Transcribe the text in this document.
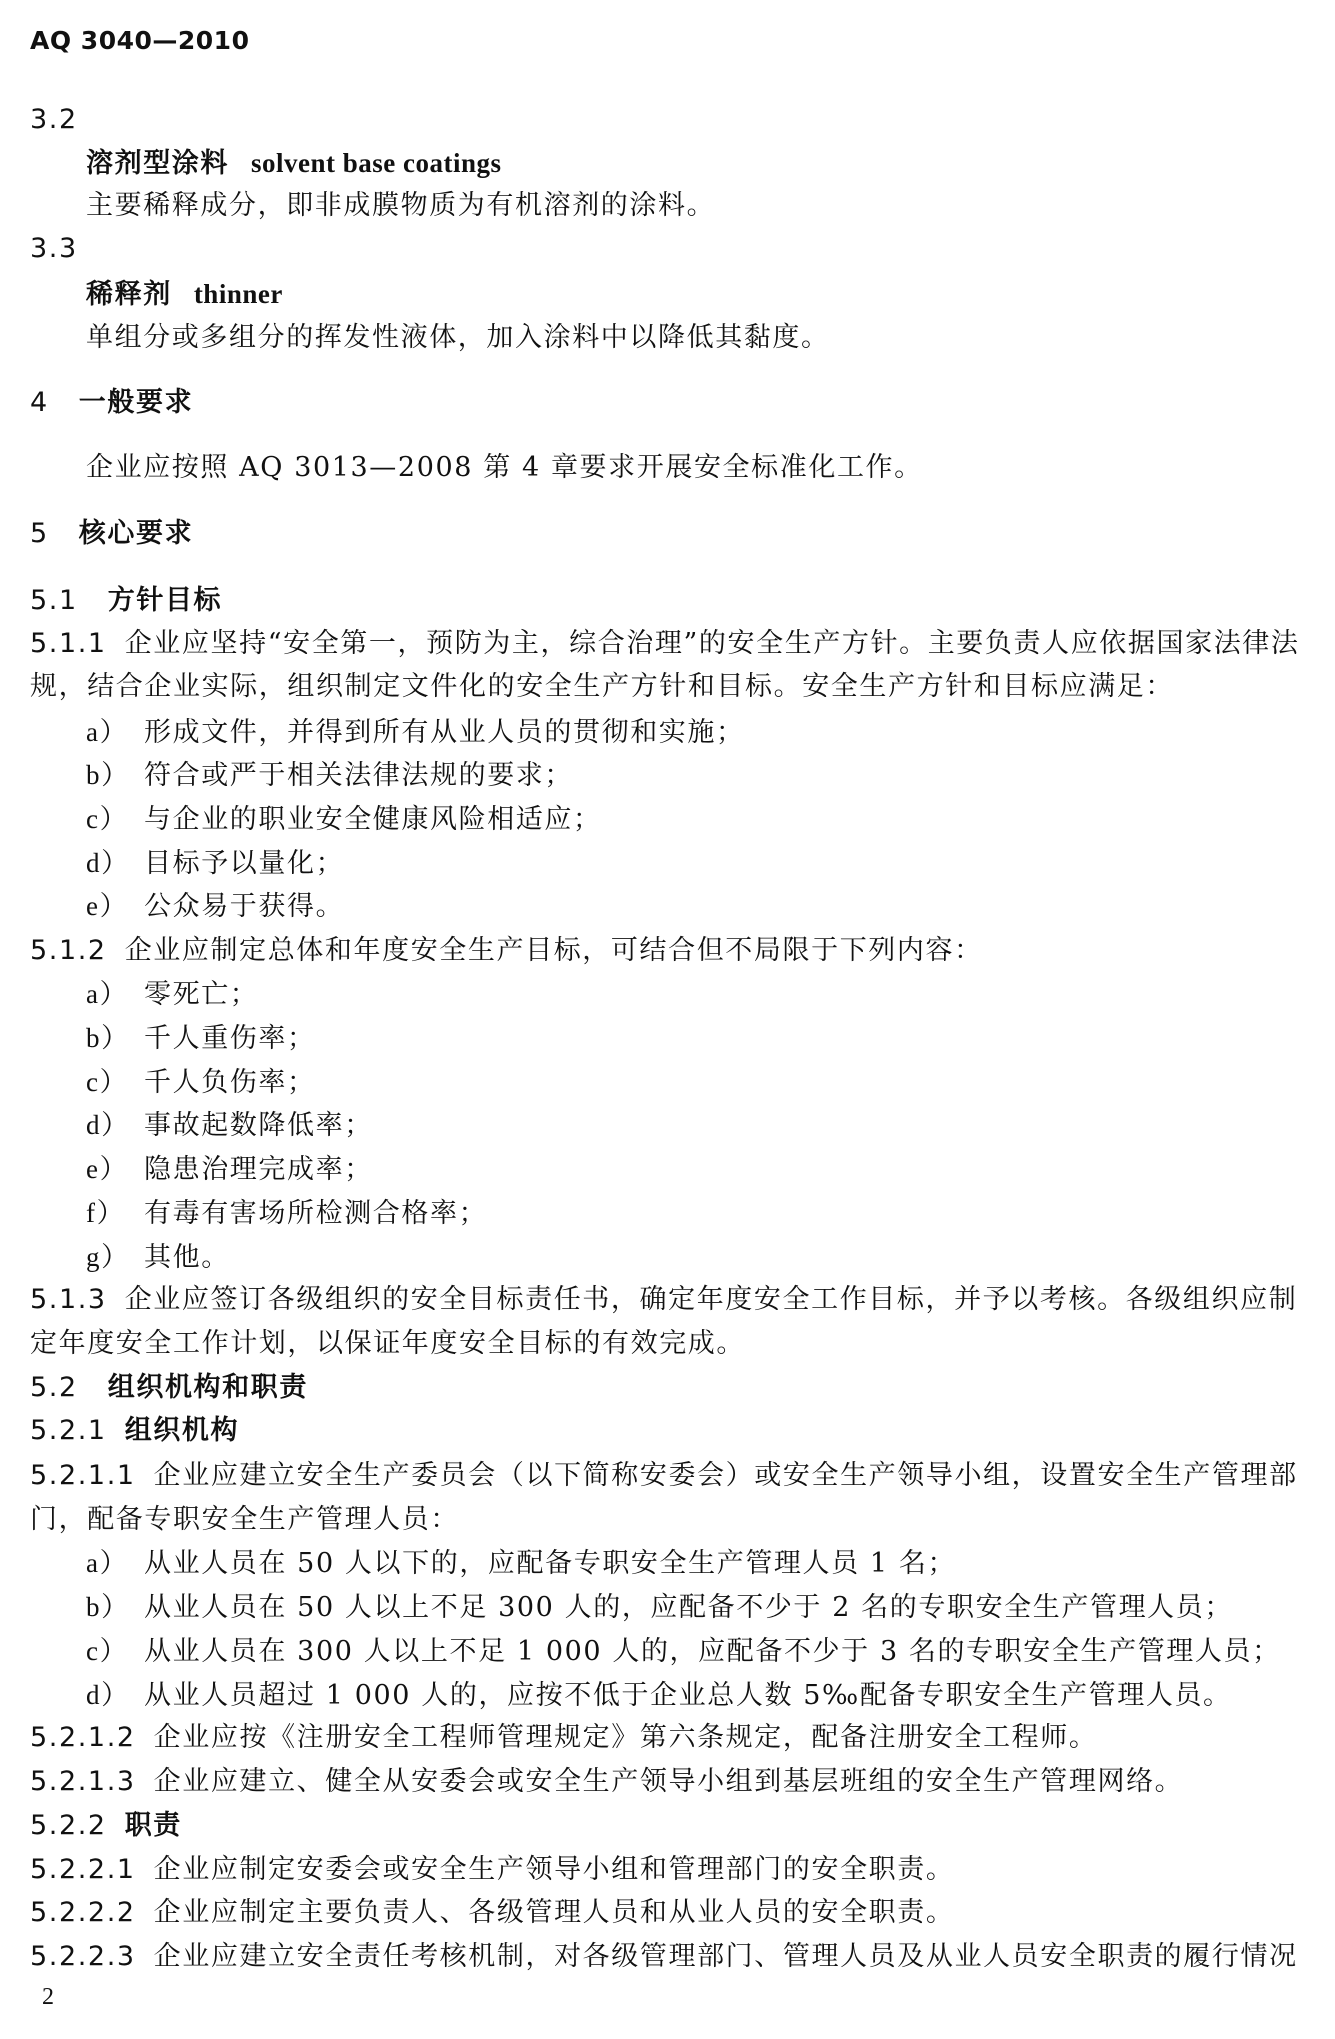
AQ 3040—2010
3.2
溶剂型涂料 solvent base coatings
主要稀释成分，即非成膜物质为有机溶剂的涂料。
3.3
稀释剂 thinner
单组分或多组分的挥发性液体，加入涂料中以降低其黏度。
4 一般要求
企业应按照 AQ 3013—2008 第 4 章要求开展安全标准化工作。
5 核心要求
5.1 方针目标
5.1.1 企业应坚持“安全第一，预防为主，综合治理”的安全生产方针。主要负责人应依据国家法律法
规，结合企业实际，组织制定文件化的安全生产方针和目标。安全生产方针和目标应满足：
a） 形成文件，并得到所有从业人员的贯彻和实施；
b） 符合或严于相关法律法规的要求；
c） 与企业的职业安全健康风险相适应；
d） 目标予以量化；
e） 公众易于获得。
5.1.2 企业应制定总体和年度安全生产目标，可结合但不局限于下列内容：
a） 零死亡；
b） 千人重伤率；
c） 千人负伤率；
d） 事故起数降低率；
e） 隐患治理完成率；
f） 有毒有害场所检测合格率；
g） 其他。
5.1.3 企业应签订各级组织的安全目标责任书，确定年度安全工作目标，并予以考核。各级组织应制
定年度安全工作计划，以保证年度安全目标的有效完成。
5.2 组织机构和职责
5.2.1 组织机构
5.2.1.1 企业应建立安全生产委员会（以下简称安委会）或安全生产领导小组，设置安全生产管理部
门，配备专职安全生产管理人员：
a） 从业人员在 50 人以下的，应配备专职安全生产管理人员 1 名；
b） 从业人员在 50 人以上不足 300 人的，应配备不少于 2 名的专职安全生产管理人员；
c） 从业人员在 300 人以上不足 1 000 人的，应配备不少于 3 名的专职安全生产管理人员；
d） 从业人员超过 1 000 人的，应按不低于企业总人数 5‰配备专职安全生产管理人员。
5.2.1.2 企业应按《注册安全工程师管理规定》第六条规定，配备注册安全工程师。
5.2.1.3 企业应建立、健全从安委会或安全生产领导小组到基层班组的安全生产管理网络。
5.2.2 职责
5.2.2.1 企业应制定安委会或安全生产领导小组和管理部门的安全职责。
5.2.2.2 企业应制定主要负责人、各级管理人员和从业人员的安全职责。
5.2.2.3 企业应建立安全责任考核机制，对各级管理部门、管理人员及从业人员安全职责的履行情况
2
